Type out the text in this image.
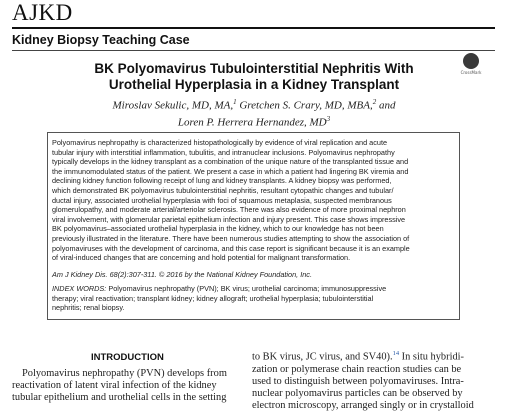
AJKD
Kidney Biopsy Teaching Case
CrossMark
BK Polyomavirus Tubulointerstitial Nephritis With
Urothelial Hyperplasia in a Kidney Transplant
Miroslav Sekulic, MD, MA,$^1$ Gretchen S. Crary, MD, MBA,$^2$ and
Loren P. Herrera Hernandez, $MD^3$
Polyomavirus nephropathy is characterized histopathologically by evidence of viral replication and acute
tubular injury with interstitial inflammation, tubulitis, and intranuclear inclusions. Polyomavirus nephropathy
typically develops in the kidney transplant as a combination of the unique nature of the transplanted tissue and
the immunomodulated status of the patient. We present a case in which a patient had lingering BK viremia and
declining kidney function following receipt of lung and kidney transplants. A kidney biopsy was performed,
which demonstrated BK polyomavirus tubulointerstitial nephritis, resultant cytopathic changes and tubular/
ductal injury, associated urothelial hyperplasia with foci of squamous metaplasia, suspected membranous
glomerulopathy, and moderate arterial/arteriolar sclerosis. There was also evidence of more proximal nephron
viral involvement, with glomerular parietal epithelium infection and injury present. This case shows impressive
BK polyomavirus–associated urothelial hyperplasia in the kidney, which to our knowledge has not been
previously illustrated in the literature. There have been numerous studies attempting to show the association of
polyomaviruses with the development of carcinoma, and this case report is significant because it is an example
of viral-induced changes that are concerning and hold potential for malignant transformation.
Am J Kidney Dis. 68(2):307-311. © 2016 by the National Kidney Foundation, Inc.
INDEX WORDS: Polyomavirus nephropathy (PVN); BK virus; urothelial carcinoma; immunosuppressive
therapy; viral reactivation; transplant kidney; kidney allograft; urothelial hyperplasia; tubulointerstitial
nephritis; renal biopsy.
INTRODUCTION
Polyomavirus nephropathy (PVN) develops from
reactivation of latent viral infection of the kidney
tubular epithelium and urothelial cells in the setting
to BK virus, JC virus, and SV40).$^{14}$ In situ hybridi-
zation or polymerase chain reaction studies can be
used to distinguish between polyomaviruses. Intra-
nuclear polyomavirus particles can be observed by
electron microscopy, arranged singly or in crystalloid
